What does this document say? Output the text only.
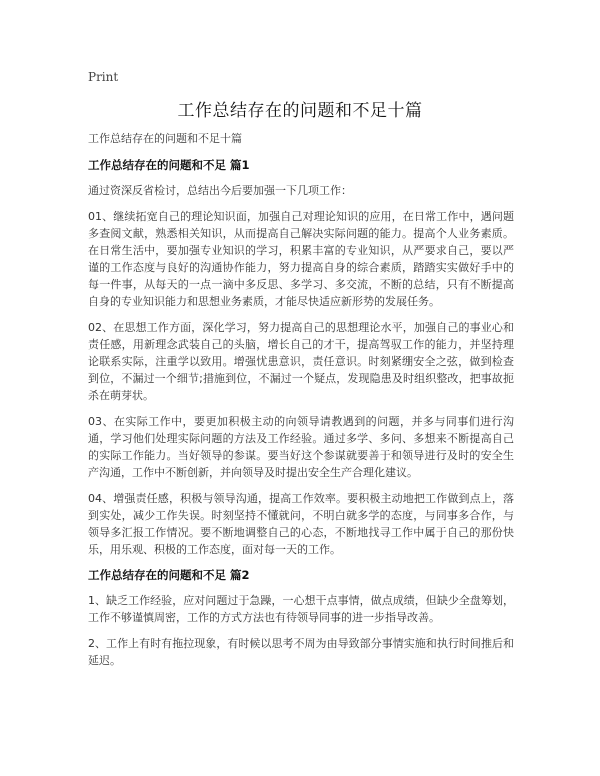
Print
工作总结存在的问题和不足十篇

工作总结存在的问题和不足十篇

工作总结存在的问题和不足 篇1

通过资深反省检讨，总结出今后要加强一下几项工作：

01、继续拓宽自己的理论知识面，加强自己对理论知识的应用，在日常工作中，遇问题多查阅文献，熟悉相关知识，从而提高自己解决实际问题的能力。提高个人业务素质。在日常生活中，要加强专业知识的学习，积累丰富的专业知识，从严要求自己，要以严谨的工作态度与良好的沟通协作能力，努力提高自身的综合素质，踏踏实实做好手中的每一件事，从每天的一点一滴中多反思、多学习、多交流，不断的总结，只有不断提高自身的专业知识能力和思想业务素质，才能尽快适应新形势的发展任务。

02、在思想工作方面，深化学习，努力提高自己的思想理论水平，加强自己的事业心和责任感，用新理念武装自己的头脑，增长自己的才干，提高驾驭工作的能力，并坚持理论联系实际，注重学以致用。增强忧患意识，责任意识。时刻紧绷安全之弦，做到检查到位，不漏过一个细节;措施到位，不漏过一个疑点，发现隐患及时组织整改，把事故扼杀在萌芽状。

03、在实际工作中，要更加积极主动的向领导请教遇到的问题，并多与同事们进行沟通，学习他们处理实际问题的方法及工作经验。通过多学、多问、多想来不断提高自己的实际工作能力。当好领导的参谋。要当好这个参谋就要善于和领导进行及时的安全生产沟通，工作中不断创新，并向领导及时提出安全生产合理化建议。

04、增强责任感，积极与领导沟通，提高工作效率。要积极主动地把工作做到点上，落到实处，减少工作失误。时刻坚持不懂就问，不明白就多学的态度，与同事多合作，与领导多汇报工作情况。要不断地调整自己的心态，不断地找寻工作中属于自己的那份快乐，用乐观、积极的工作态度，面对每一天的工作。

工作总结存在的问题和不足 篇2

1、缺乏工作经验，应对问题过于急躁，一心想干点事情，做点成绩，但缺少全盘筹划，工作不够谨慎周密，工作的方式方法也有待领导同事的进一步指导改善。

2、工作上有时有拖拉现象，有时候以思考不周为由导致部分事情实施和执行时间推后和延迟。
